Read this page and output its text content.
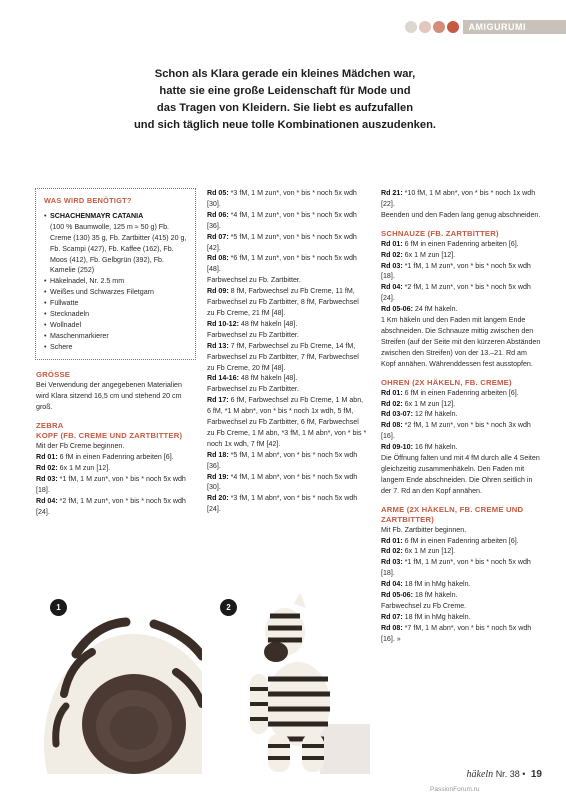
AMIGURUMI
Schon als Klara gerade ein kleines Mädchen war,
hatte sie eine große Leidenschaft für Mode und
das Tragen von Kleidern. Sie liebt es aufzufallen
und sich täglich neue tolle Kombinationen auszudenken.
WAS WIRD BENÖTIGT?
• SCHACHENMAYR CATANIA
(100 % Baumwolle, 125 m ≈ 50 g) Fb. Creme (130) 35 g, Fb. Zartbitter (415) 20 g, Fb. Scampi (427), Fb. Kaffee (162), Fb. Moos (412), Fb. Gelbgrün (392), Fb. Kamelie (252)
• Häkelnadel, Nr. 2.5 mm
• Weißes und Schwarzes Filetgarn
• Füllwatte
• Stecknadeln
• Wollnadel
• Maschenmarkierer
• Schere
GRÖSSE

Bei Verwendung der angegebenen Materialien wird Klara sitzend 16,5 cm und stehend 20 cm groß.

ZEBRA
KOPF (FB. CREME UND ZARTBITTER)

Mit der Fb Creme beginnen.

Rd 01: 6 fM in einen Fadenring arbeiten [6].

Rd 02: 6x 1 M zun [12].

Rd 03: *1 fM, 1 M zun*, von * bis * noch 5x wdh [18].

Rd 04: *2 fM, 1 M zun*, von * bis * noch 5x wdh [24].

Rd 05: *3 fM, 1 M zun*, von * bis * noch 5x wdh [30].

Rd 06: *4 fM, 1 M zun*, von * bis * noch 5x wdh [36].

Rd 07: *5 fM, 1 M zun*, von * bis * noch 5x wdh [42].

Rd 08: *6 fM, 1 M zun*, von * bis * noch 5x wdh [48].

Farbwechsel zu Fb. Zartbitter.

Rd 09: 8 fM, Farbwechsel zu Fb Creme, 11 fM, Farbwechsel zu Fb Zartbitter, 8 fM, Farbwechsel zu Fb Creme, 21 fM [48].

Rd 10-12: 48 fM häkeln [48].

Farbwechsel zu Fb Zartbitter.

Rd 13: 7 fM, Farbwechsel zu Fb Creme, 14 fM, Farbwechsel zu Fb Zartbitter, 7 fM, Farbwechsel zu Fb Creme, 20 fM [48].

Rd 14-16: 48 fM häkeln [48].

Farbwechsel zu Fb Zartbitter.

Rd 17: 6 fM, Farbwechsel zu Fb Creme, 1 M abn, 6 fM, *1 M abn*, von * bis * noch 1x wdh, 5 fM, Farbwechsel zu Fb Zartbitter, 6 fM, Farbwechsel zu Fb Creme, 1 M abn, *3 fM, 1 M abn*, von * bis * noch 1x wdh, 7 fM [42].

Rd 18: *5 fM, 1 M abn*, von * bis * noch 5x wdh [36].

Rd 19: *4 fM, 1 M abn*, von * bis * noch 5x wdh [30].

Rd 20: *3 fM, 1 M abn*, von * bis * noch 5x wdh [24].

Rd 21: *10 fM, 1 M abn*, von * bis * noch 1x wdh [22].

Beenden und den Faden lang genug abschneiden.

SCHNAUZE (FB. ZARTBITTER)

Rd 01: 6 fM in einen Fadenring arbeiten [6].

Rd 02: 6x 1 M zun [12].

Rd 03: *1 fM, 1 M zun*, von * bis * noch 5x wdh [18].

Rd 04: *2 fM, 1 M zun*, von * bis * noch 5x wdh [24].

Rd 05-06: 24 fM häkeln.

1 Km häkeln und den Faden mit langem Ende abschneiden. Die Schnauze mittig zwischen den Streifen (auf der Seite mit den kürzeren Abständen zwischen den Streifen) von der 13.–21. Rd am Kopf annähen. Währenddessen fest ausstopfen.

OHREN (2X HÄKELN, FB. CREME)

Rd 01: 6 fM in einen Fadenring arbeiten [6].

Rd 02: 6x 1 M zun [12].

Rd 03-07: 12 fM häkeln.

Rd 08: *2 fM, 1 M zun*, von * bis * noch 3x wdh [16].

Rd 09-10: 16 fM häkeln.

Die Öffnung falten und mit 4 fM durch alle 4 Seiten gleichzeitig zusammenhäkeln. Den Faden mit langem Ende abschneiden. Die Ohren seitlich in der 7. Rd an den Kopf annähen.

ARME (2X HÄKELN, FB. CREME UND ZARTBITTER)

Mit Fb. Zartbitter beginnen.

Rd 01: 6 fM in einen Fadenring arbeiten [6].

Rd 02: 6x 1 M zun [12].

Rd 03: *1 fM, 1 M zun*, von * bis * noch 5x wdh [18].

Rd 04: 18 fM in hMg häkeln.

Rd 05-06: 18 fM häkeln.

Farbwechsel zu Fb Creme.

Rd 07: 18 fM in hMg häkeln.

Rd 08: *7 fM, 1 M abn*, von * bis * noch 5x wdh [16]. »

1	2
häkeln Nr. 38 • 19
PassionForum.ru
